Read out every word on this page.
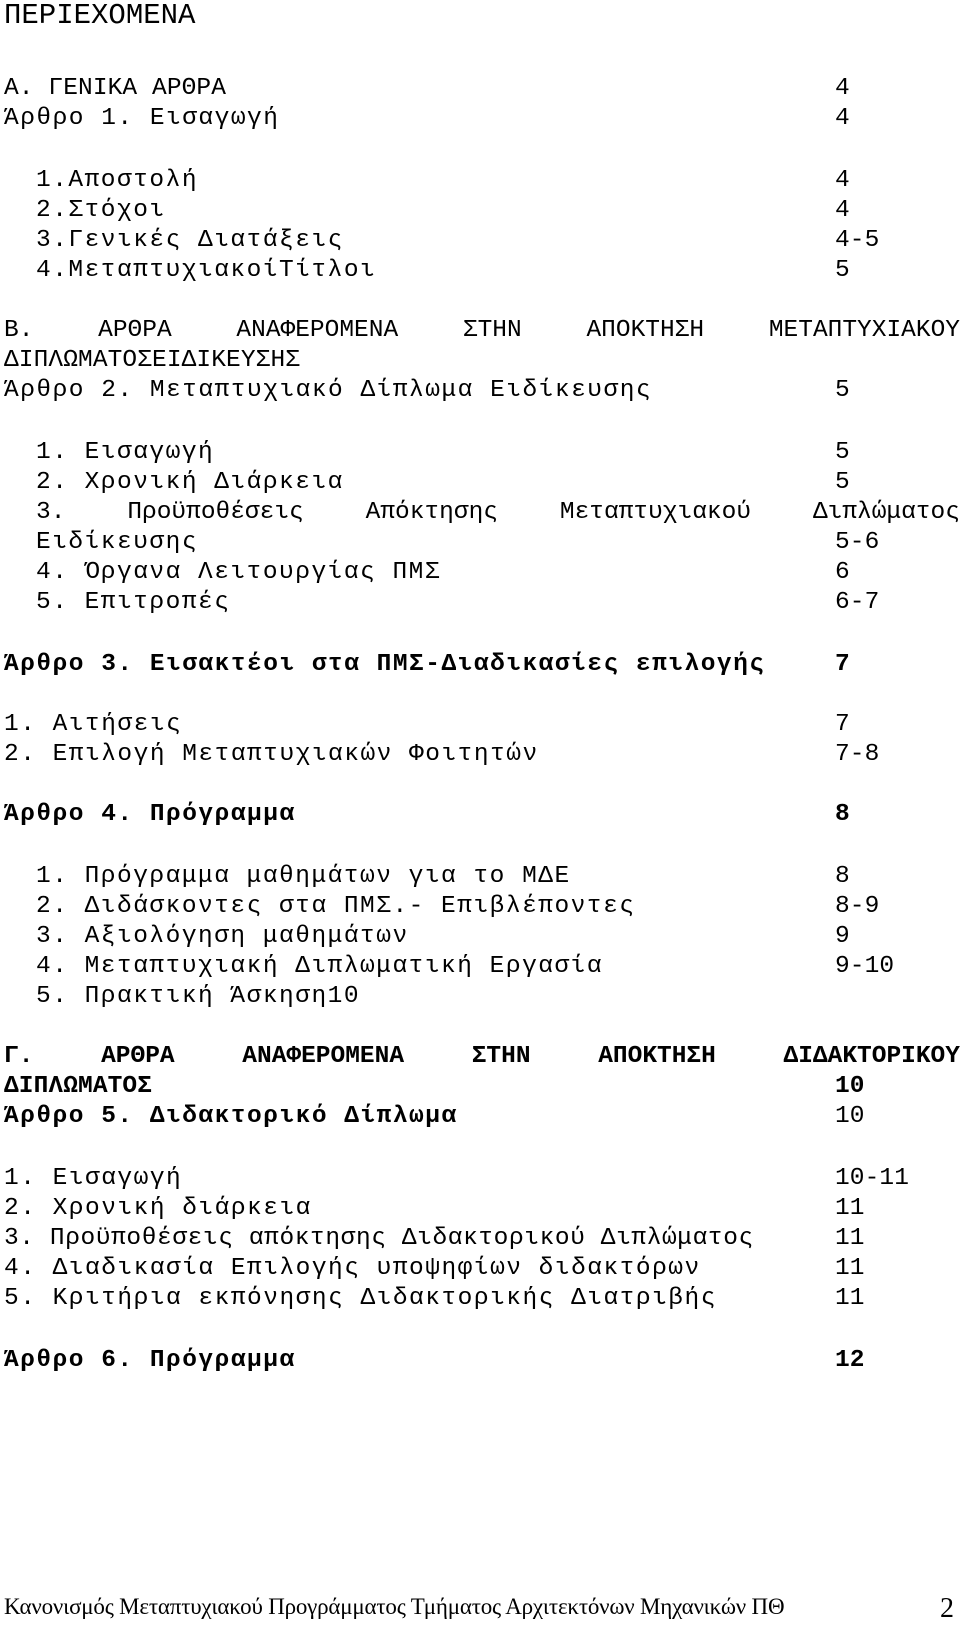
ΠΕΡΙΕΧΟΜΕΝΑ
Α. ΓΕΝΙΚΑ ΑΡΘΡΑ	4
Άρθρο 1. Εισαγωγή	4
1.Αποστολή	4
2.Στόχοι	4
3.Γενικές Διατάξεις	4-5
4.ΜεταπτυχιακοίΤίτλοι	5
Β.	ΑΡΘΡΑ	ΑΝΑΦΕΡΟΜΕΝΑ	ΣΤΗΝ	ΑΠΟΚΤΗΣΗ	ΜΕΤΑΠΤΥΧΙΑΚΟΥ
ΔΙΠΛΩΜΑΤΟΣΕΙΔΙΚΕΥΣΗΣ
Άρθρο 2. Μεταπτυχιακό Δίπλωμα Ειδίκευσης	5
1. Εισαγωγή	5
2. Χρονική Διάρκεια	5
3.	Προϋποθέσεις	Απόκτησης	Μεταπτυχιακού	Διπλώματος
Ειδίκευσης	5-6
4. Όργανα Λειτουργίας ΠΜΣ	6
5. Επιτροπές	6-7
Άρθρο 3. Εισακτέοι στα ΠΜΣ-Διαδικασίες επιλογής	7
1. Αιτήσεις	7
2. Επιλογή Μεταπτυχιακών Φοιτητών	7-8
Άρθρο 4. Πρόγραμμα	8
1. Πρόγραμμα μαθημάτων για το ΜΔΕ	8
2. Διδάσκοντες στα ΠΜΣ.- Επιβλέποντες	8-9
3. Αξιολόγηση μαθημάτων	9
4. Μεταπτυχιακή Διπλωματική Εργασία	9-10
5. Πρακτική Άσκηση10
Γ.	ΑΡΘΡΑ	ΑΝΑΦΕΡΟΜΕΝΑ	ΣΤΗΝ	ΑΠΟΚΤΗΣΗ	ΔΙΔΑΚΤΟΡΙΚΟΥ
ΔΙΠΛΩΜΑΤΟΣ	10
Άρθρο 5. Διδακτορικό Δίπλωμα	10
1. Εισαγωγή	10-11
2. Χρονική διάρκεια	11
3. Προϋποθέσεις απόκτησης Διδακτορικού Διπλώματος	11
4. Διαδικασία Επιλογής υποψηφίων διδακτόρων	11
5. Κριτήρια εκπόνησης Διδακτορικής Διατριβής	11
Άρθρο 6. Πρόγραμμα	12
Κανονισμός Μεταπτυχιακού Προγράμματος Τμήματος Αρχιτεκτόνων Μηχανικών ΠΘ	2
